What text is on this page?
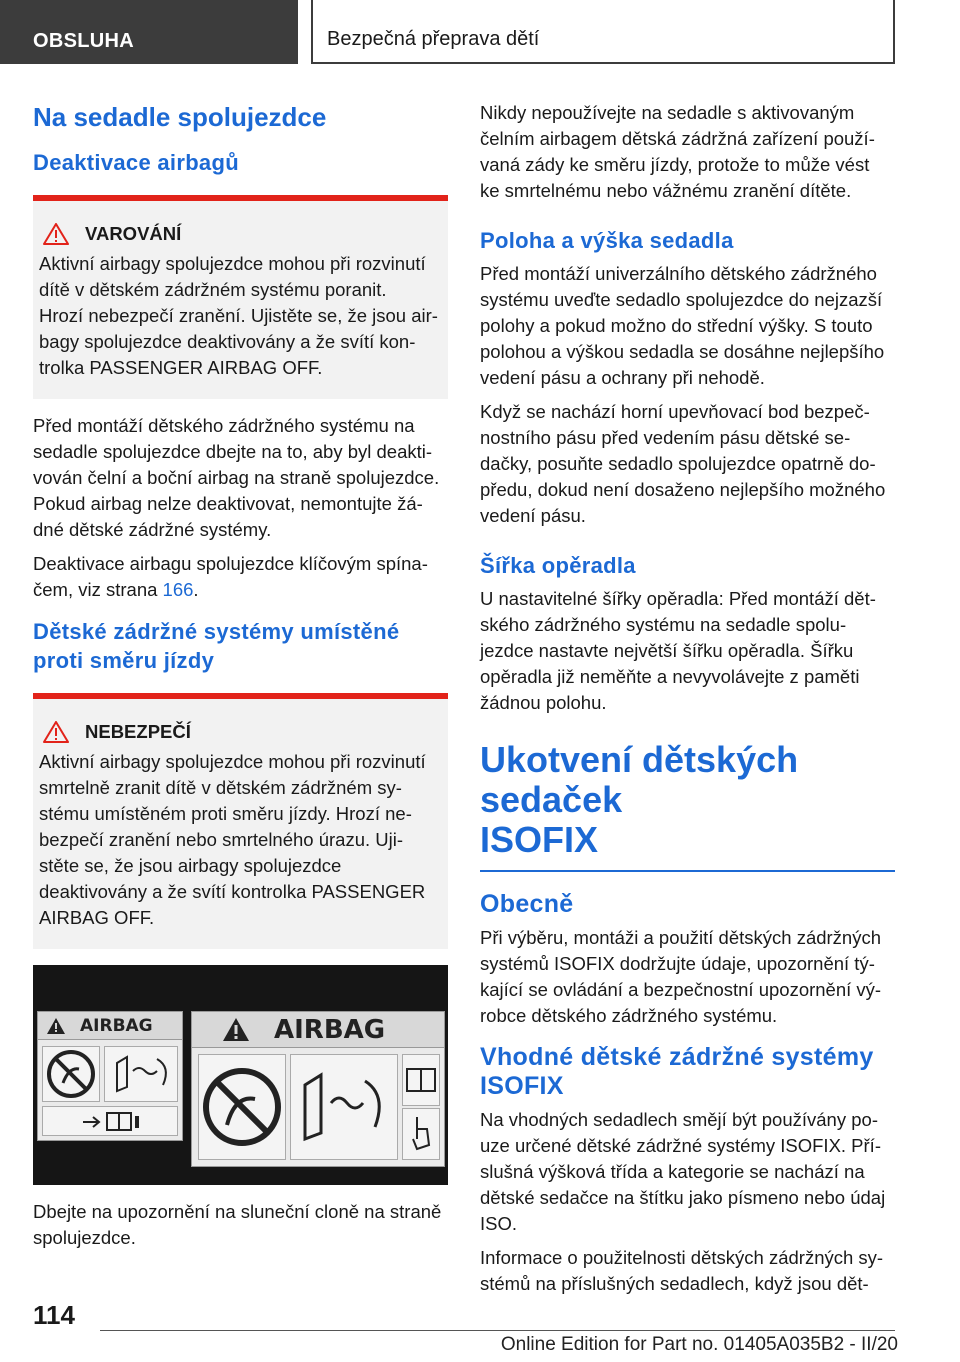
OBSLUHA	Bezpečná přeprava dětí
Na sedadle spolujezdce
Deaktivace airbagů
VAROVÁNÍ
Aktivní airbagy spolujezdce mohou při rozvinutí
dítě v dětském zádržném systému poranit.
Hrozí nebezpečí zranění. Ujistěte se, že jsou air-
bagy spolujezdce deaktivovány a že svítí kon-
trolka PASSENGER AIRBAG OFF.
Před montáží dětského zádržného systému na
sedadle spolujezdce dbejte na to, aby byl deakti-
vován čelní a boční airbag na straně spolujezdce.
Pokud airbag nelze deaktivovat, nemontujte žá-
dné dětské zádržné systémy.
Deaktivace airbagu spolujezdce klíčovým spína-
čem, viz strana 166.
Dětské zádržné systémy umístěné
proti směru jízdy
NEBEZPEČÍ
Aktivní airbagy spolujezdce mohou při rozvinutí
smrtelně zranit dítě v dětském zádržném sy-
stému umístěném proti směru jízdy. Hrozí ne-
bezpečí zranění nebo smrtelného úrazu. Uji-
stěte se, že jsou airbagy spolujezdce
deaktivovány a že svítí kontrolka PASSENGER
AIRBAG OFF.
AIRBAG	AIRBAG
Dbejte na upozornění na sluneční cloně na straně
spolujezdce.
Nikdy nepoužívejte na sedadle s aktivovaným
čelním airbagem dětská zádržná zařízení použí-
vaná zády ke směru jízdy, protože to může vést
ke smrtelnému nebo vážnému zranění dítěte.
Poloha a výška sedadla
Před montáží univerzálního dětského zádržného
systému uveďte sedadlo spolujezdce do nejzazší
polohy a pokud možno do střední výšky. S touto
polohou a výškou sedadla se dosáhne nejlepšího
vedení pásu a ochrany při nehodě.
Když se nachází horní upevňovací bod bezpeč-
nostního pásu před vedením pásu dětské se-
dačky, posuňte sedadlo spolujezdce opatrně do-
předu, dokud není dosaženo nejlepšího možného
vedení pásu.
Šířka opěradla
U nastavitelné šířky opěradla: Před montáží dět-
ského zádržného systému na sedadle spolu-
jezdce nastavte největší šířku opěradla. Šířku
opěradla již neměňte a nevyvolávejte z paměti
žádnou polohu.
Ukotvení dětských sedaček
ISOFIX
Obecně
Při výběru, montáži a použití dětských zádržných
systémů ISOFIX dodržujte údaje, upozornění tý-
kající se ovládání a bezpečnostní upozornění vý-
robce dětského zádržného systému.
Vhodné dětské zádržné systémy
ISOFIX
Na vhodných sedadlech smějí být používány po-
uze určené dětské zádržné systémy ISOFIX. Pří-
slušná výšková třída a kategorie se nachází na
dětské sedačce na štítku jako písmeno nebo údaj
ISO.
Informace o použitelnosti dětských zádržných sy-
stémů na příslušných sedadlech, když jsou dět-
114
Online Edition for Part no. 01405A035B2 - II/20
